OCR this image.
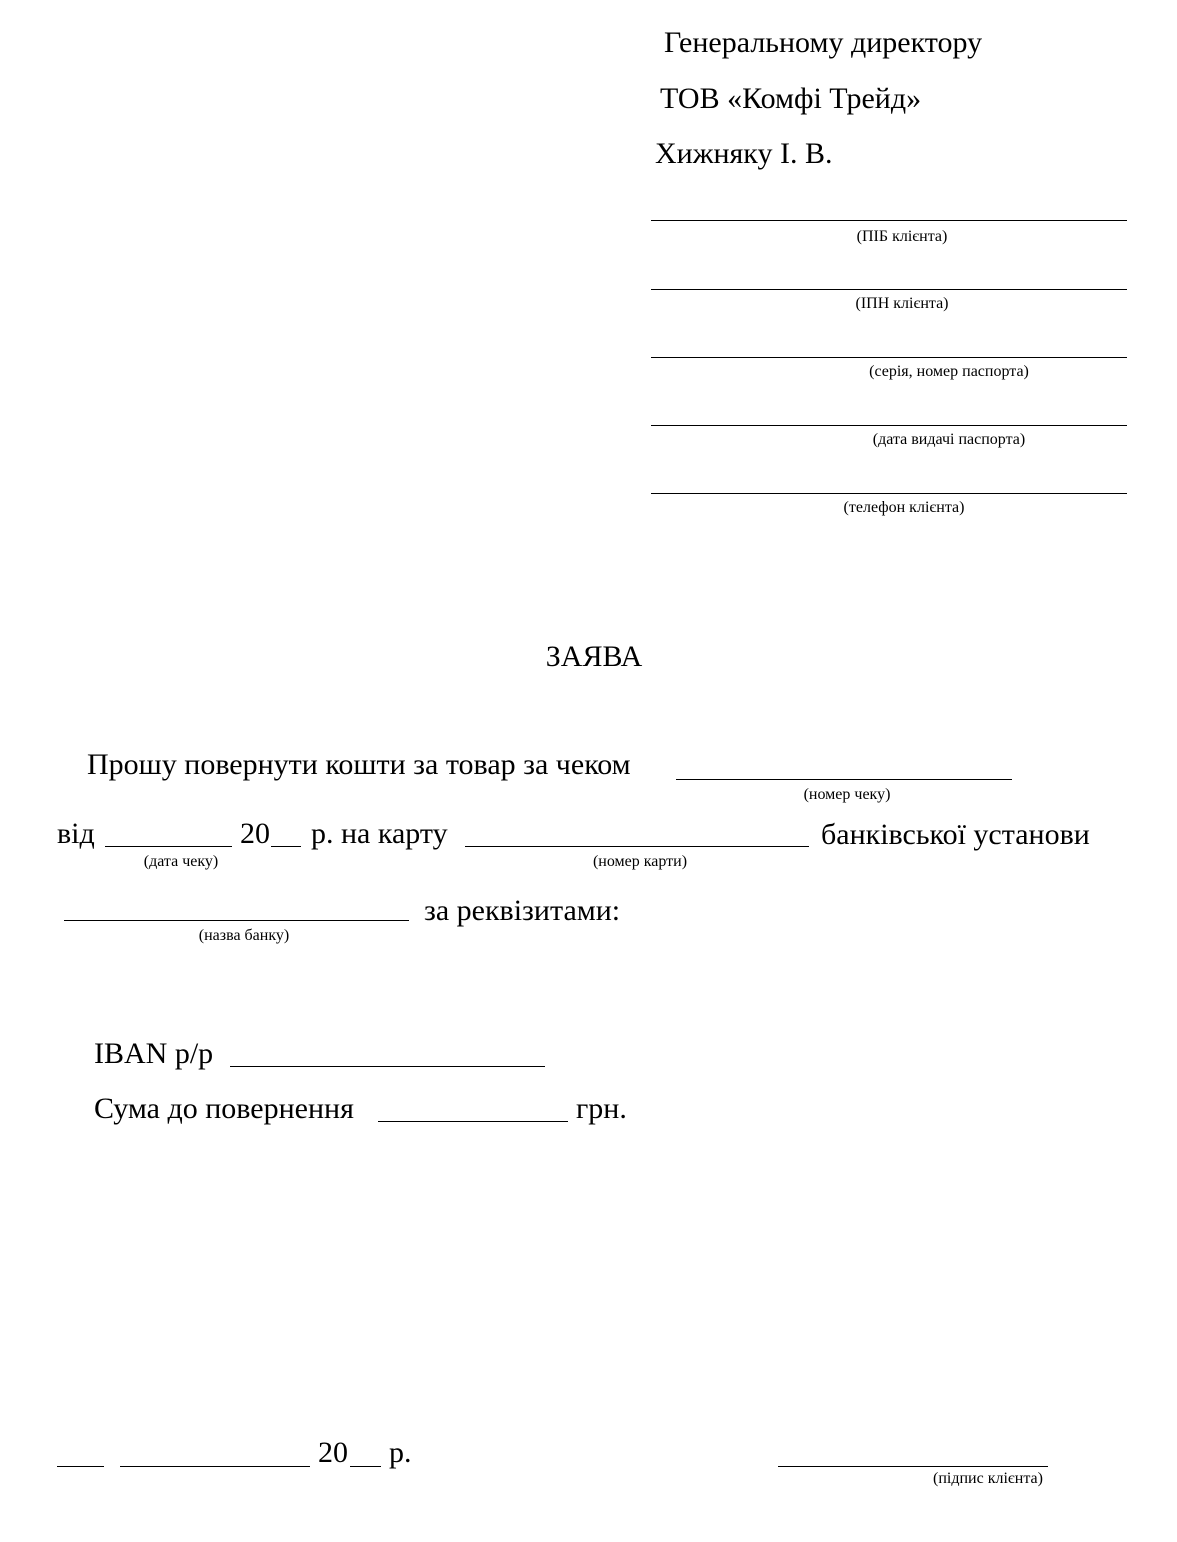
Генеральному директору
ТОВ «Комфі Трейд»
Хижняку І. В.
(ПІБ клієнта)
(ІПН клієнта)
(серія, номер паспорта)
(дата видачі паспорта)
(телефон клієнта)
ЗАЯВА
Прошу повернути кошти за товар за чеком
(номер чеку)
від
(дата чеку)
20 р. на карту
(номер карти)
банківської установи
(назва банку)
за реквізитами:
IBAN р/р
Сума до повернення	грн.
20 р.
(підпис клієнта)
